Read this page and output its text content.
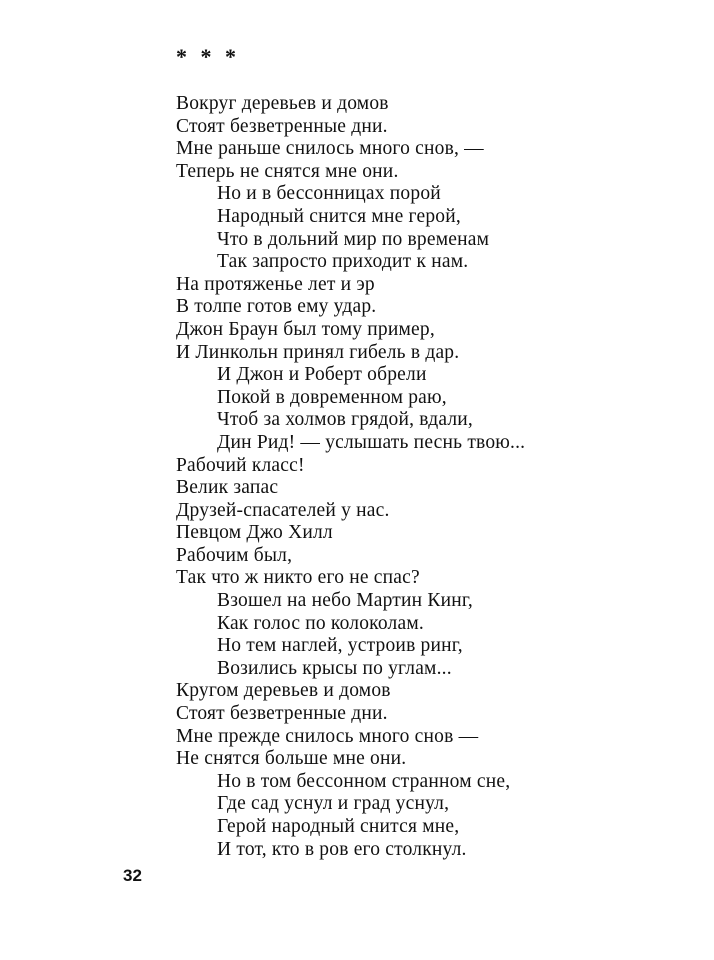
* * *
Вокруг деревьев и домов
Стоят безветренные дни.
Мне раньше снилось много снов, —
Теперь не снятся мне они.
Но и в бессонницах порой
Народный снится мне герой,
Что в дольний мир по временам
Так запросто приходит к нам.
На протяженье лет и эр
В толпе готов ему удар.
Джон Браун был тому пример,
И Линкольн принял гибель в дар.
И Джон и Роберт обрели
Покой в довременном раю,
Чтоб за холмов грядой, вдали,
Дин Рид! — услышать песнь твою...
Рабочий класс!
Велик запас
Друзей-спасателей у нас.
Певцом Джо Хилл
Рабочим был,
Так что ж никто его не спас?
Взошел на небо Мартин Кинг,
Как голос по колоколам.
Но тем наглей, устроив ринг,
Возились крысы по углам...
Кругом деревьев и домов
Стоят безветренные дни.
Мне прежде снилось много снов —
Не снятся больше мне они.
Но в том бессонном странном сне,
Где сад уснул и град уснул,
Герой народный снится мне,
И тот, кто в ров его столкнул.
32
